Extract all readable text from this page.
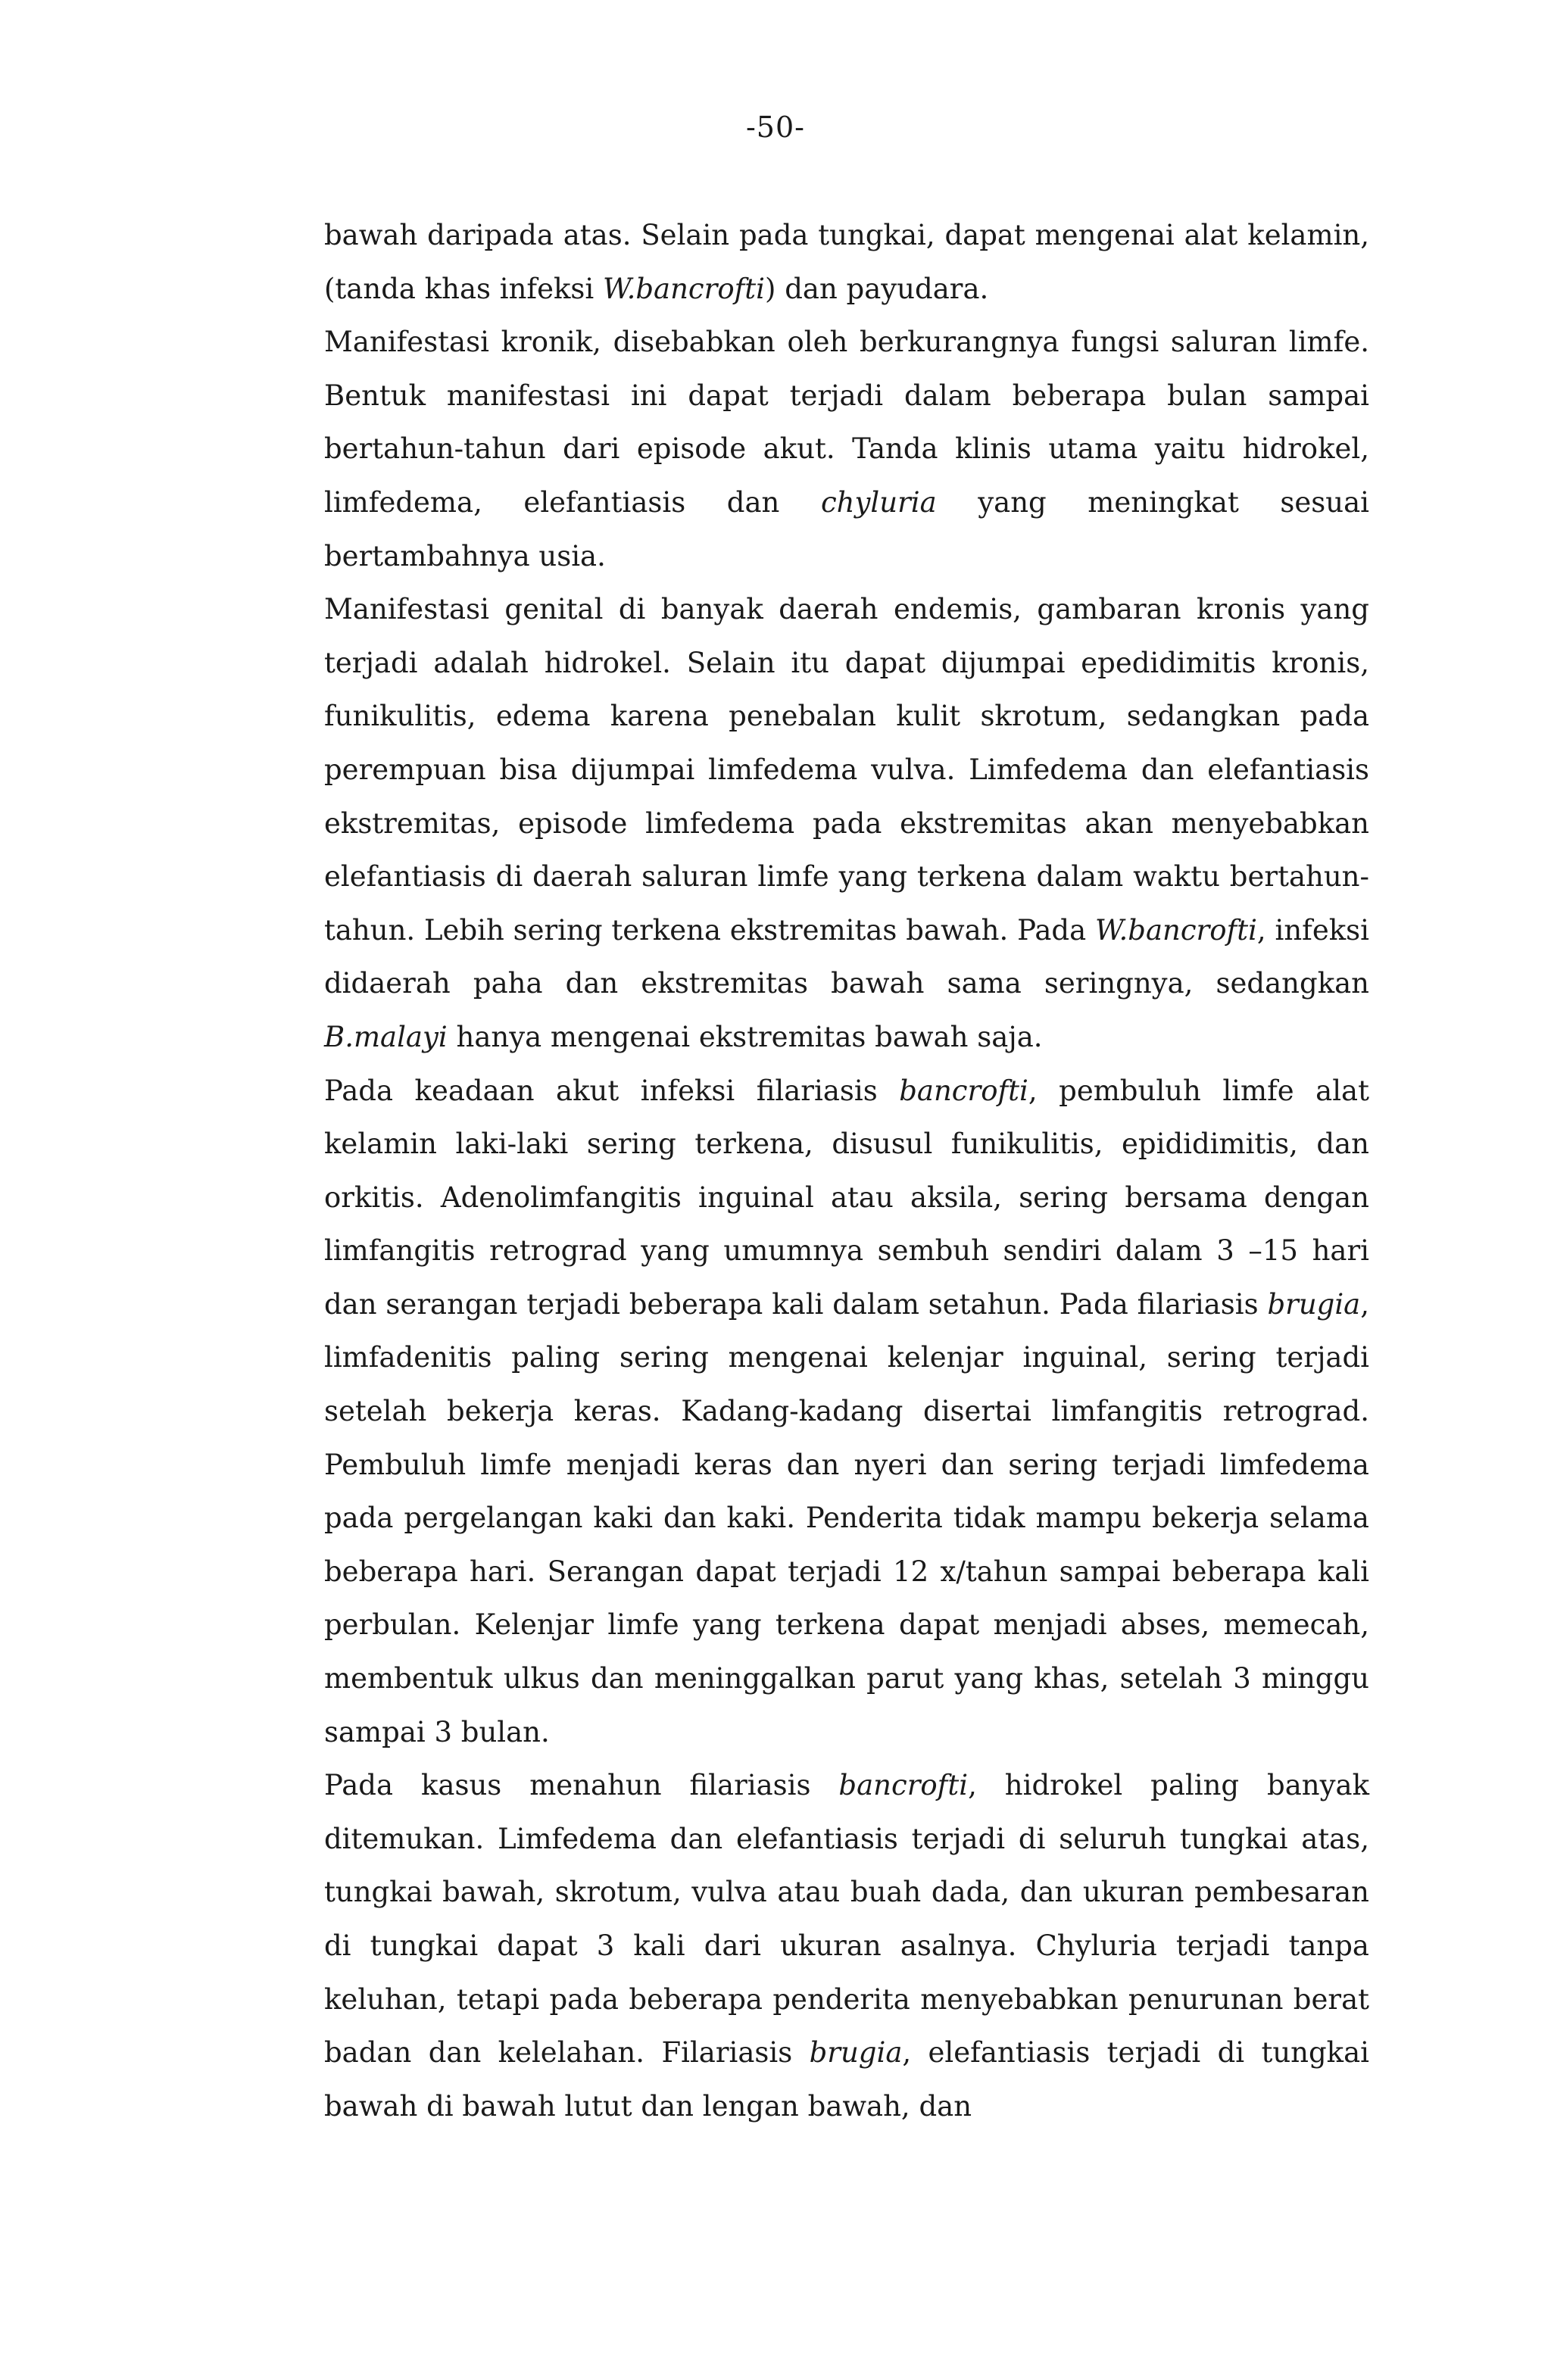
-50-

bawah daripada atas. Selain pada tungkai, dapat mengenai alat kelamin, (tanda khas infeksi W.bancrofti) dan payudara.

Manifestasi kronik, disebabkan oleh berkurangnya fungsi saluran limfe. Bentuk manifestasi ini dapat terjadi dalam beberapa bulan sampai bertahun-tahun dari episode akut. Tanda klinis utama yaitu hidrokel, limfedema, elefantiasis dan chyluria yang meningkat sesuai bertambahnya usia.

Manifestasi genital di banyak daerah endemis, gambaran kronis yang terjadi adalah hidrokel. Selain itu dapat dijumpai epedidimitis kronis, funikulitis, edema karena penebalan kulit skrotum, sedangkan pada perempuan bisa dijumpai limfedema vulva. Limfedema dan elefantiasis ekstremitas, episode limfedema pada ekstremitas akan menyebabkan elefantiasis di daerah saluran limfe yang terkena dalam waktu bertahun-tahun. Lebih sering terkena ekstremitas bawah. Pada W.bancrofti, infeksi didaerah paha dan ekstremitas bawah sama seringnya, sedangkan B.malayi hanya mengenai ekstremitas bawah saja.

Pada keadaan akut infeksi filariasis bancrofti, pembuluh limfe alat kelamin laki-laki sering terkena, disusul funikulitis, epididimitis, dan orkitis. Adenolimfangitis inguinal atau aksila, sering bersama dengan limfangitis retrograd yang umumnya sembuh sendiri dalam 3 –15 hari dan serangan terjadi beberapa kali dalam setahun. Pada filariasis brugia, limfadenitis paling sering mengenai kelenjar inguinal, sering terjadi setelah bekerja keras. Kadang-kadang disertai limfangitis retrograd. Pembuluh limfe menjadi keras dan nyeri dan sering terjadi limfedema pada pergelangan kaki dan kaki. Penderita tidak mampu bekerja selama beberapa hari. Serangan dapat terjadi 12 x/tahun sampai beberapa kali perbulan. Kelenjar limfe yang terkena dapat menjadi abses, memecah, membentuk ulkus dan meninggalkan parut yang khas, setelah 3 minggu sampai 3 bulan.

Pada kasus menahun filariasis bancrofti, hidrokel paling banyak ditemukan. Limfedema dan elefantiasis terjadi di seluruh tungkai atas, tungkai bawah, skrotum, vulva atau buah dada, dan ukuran pembesaran di tungkai dapat 3 kali dari ukuran asalnya. Chyluria terjadi tanpa keluhan, tetapi pada beberapa penderita menyebabkan penurunan berat badan dan kelelahan. Filariasis brugia, elefantiasis terjadi di tungkai bawah di bawah lutut dan lengan bawah, dan
